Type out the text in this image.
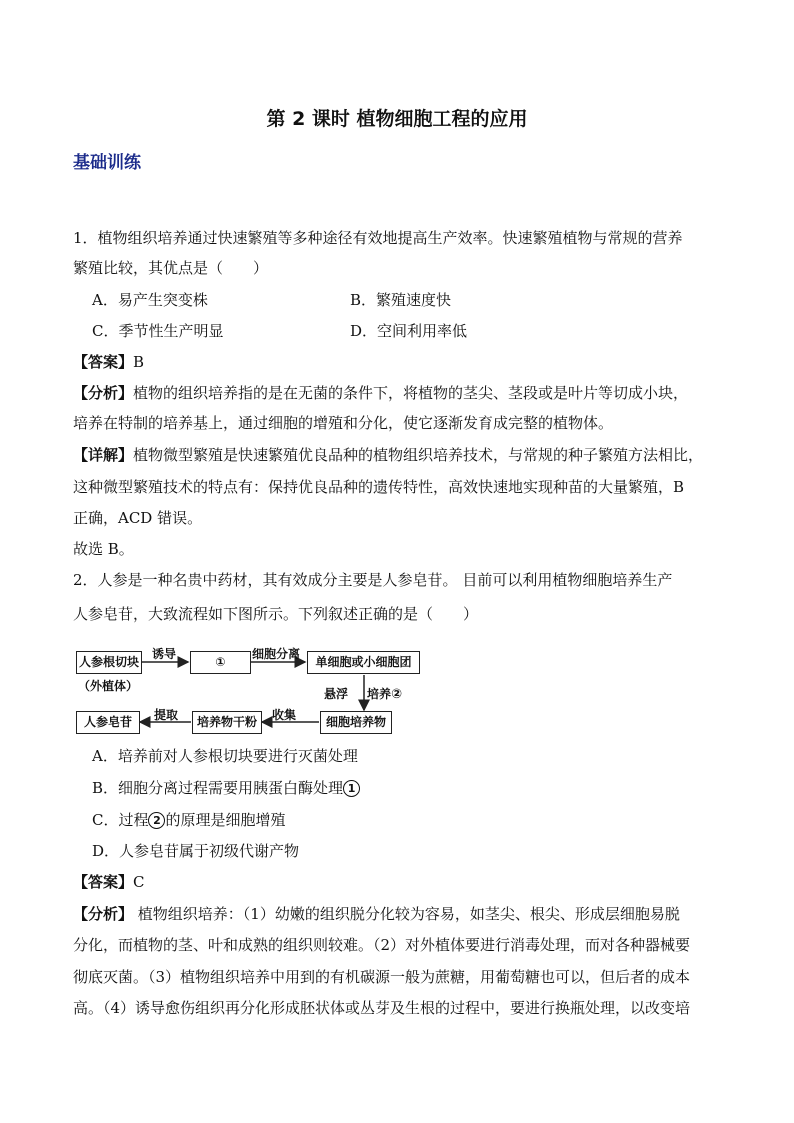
第 2 课时 植物细胞工程的应用
基础训练
1．植物组织培养通过快速繁殖等多种途径有效地提高生产效率。快速繁殖植物与常规的营养
繁殖比较，其优点是（　　）
A．易产生突变株	B．繁殖速度快
C．季节性生产明显	D．空间利用率低
【答案】B
【分析】植物的组织培养指的是在无菌的条件下，将植物的茎尖、茎段或是叶片等切成小块，
培养在特制的培养基上，通过细胞的增殖和分化，使它逐渐发育成完整的植物体。
【详解】植物微型繁殖是快速繁殖优良品种的植物组织培养技术，与常规的种子繁殖方法相比，
这种微型繁殖技术的特点有：保持优良品种的遗传特性，高效快速地实现种苗的大量繁殖，B
正确，ACD 错误。
故选 B。
2．人参是一种名贵中药材，其有效成分主要是人参皂苷。 目前可以利用植物细胞培养生产
人参皂苷，大致流程如下图所示。下列叙述正确的是（　　）
人参根切块
（外植体）
诱导
①
细胞分离
单细胞或小细胞团
悬浮 培养②
细胞培养物
收集
培养物干粉
提取
人参皂苷
A．培养前对人参根切块要进行灭菌处理
B．细胞分离过程需要用胰蛋白酶处理 1
C．过程 2 的原理是细胞增殖
D．人参皂苷属于初级代谢产物
【答案】C
【分析】 植物组织培养：（1）幼嫩的组织脱分化较为容易，如茎尖、根尖、形成层细胞易脱
分化，而植物的茎、叶和成熟的组织则较难。（2）对外植体要进行消毒处理，而对各种器械要
彻底灭菌。（3）植物组织培养中用到的有机碳源一般为蔗糖，用葡萄糖也可以，但后者的成本
高。（4）诱导愈伤组织再分化形成胚状体或丛芽及生根的过程中，要进行换瓶处理，以改变培
